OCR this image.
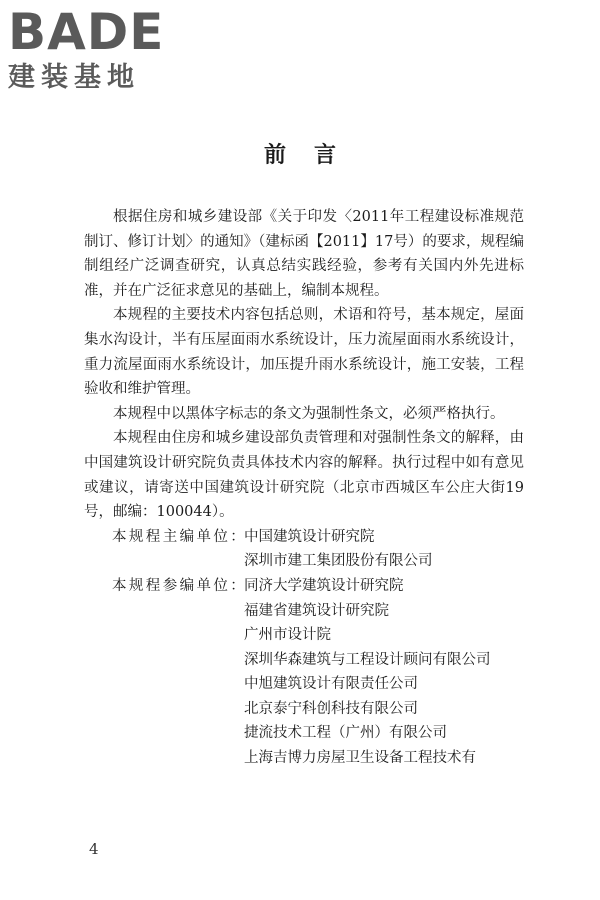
BADE
建装基地
前言

根据住房和城乡建设部《关于印发〈2011年工程建设标准规范制订、修订计划〉的通知》（建标函【2011】17号）的要求，规程编制组经广泛调查研究，认真总结实践经验，参考有关国内外先进标准，并在广泛征求意见的基础上，编制本规程。

本规程的主要技术内容包括总则，术语和符号，基本规定，屋面集水沟设计，半有压屋面雨水系统设计，压力流屋面雨水系统设计，重力流屋面雨水系统设计，加压提升雨水系统设计，施工安装，工程验收和维护管理。

本规程中以黑体字标志的条文为强制性条文，必须严格执行。

本规程由住房和城乡建设部负责管理和对强制性条文的解释，由中国建筑设计研究院负责具体技术内容的解释。执行过程中如有意见或建议，请寄送中国建筑设计研究院（北京市西城区车公庄大街19号，邮编：100044）。

本规程主编单位：
中国建筑设计研究院
深圳市建工集团股份有限公司
本规程参编单位：
同济大学建筑设计研究院
福建省建筑设计研究院
广州市设计院
深圳华森建筑与工程设计顾问有限公司
中旭建筑设计有限责任公司
北京泰宁科创科技有限公司
捷流技术工程（广州）有限公司
上海吉博力房屋卫生设备工程技术有
4
